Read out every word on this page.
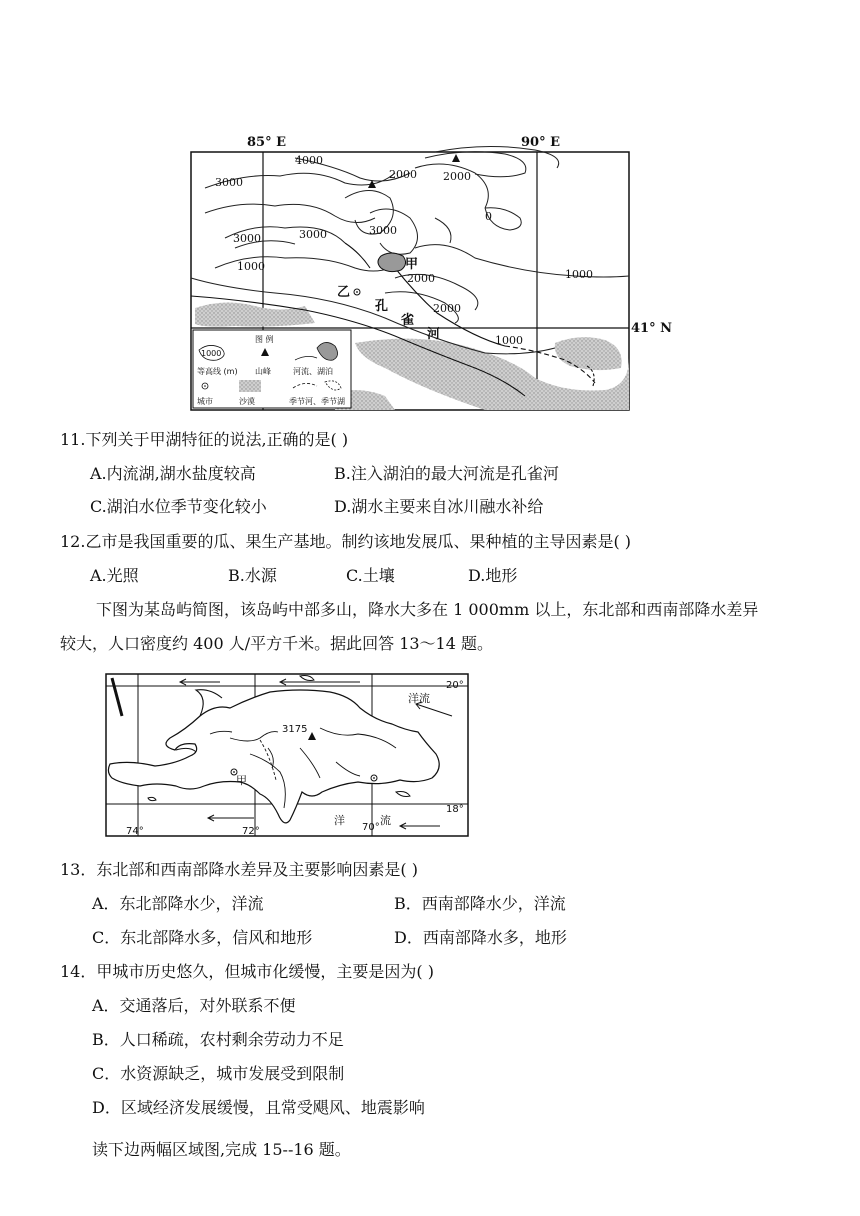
85° E	90° E
41° N
4000
2000 2000
3000
3000	3000	3000
1000
0
1000
2000
2000
1000
甲
乙
孔
雀
河
图 例
1000
等高线 (m) 山峰	河流、湖泊
城市	沙漠	季节河、季节湖
11.下列关于甲湖特征的说法,正确的是( )
A.内流湖,湖水盐度较高	B.注入湖泊的最大河流是孔雀河
C.湖泊水位季节变化较小	D.湖水主要来自冰川融水补给
12.乙市是我国重要的瓜、果生产基地。制约该地发展瓜、果种植的主导因素是( )
A.光照	B.水源	C.土壤	D.地形
下图为某岛屿简图，该岛屿中部多山，降水大多在 1 000mm 以上，东北部和西南部降水差异
较大，人口密度约 400 人/平方千米。据此回答 13～14 题。
20°
18°
74°	72°	70°
3175
洋流
洋	流
甲
13．东北部和西南部降水差异及主要影响因素是( )
A．东北部降水少，洋流	B．西南部降水少，洋流
C．东北部降水多，信风和地形	D．西南部降水多，地形
14．甲城市历史悠久，但城市化缓慢，主要是因为( )
A．交通落后，对外联系不便
B．人口稀疏，农村剩余劳动力不足
C．水资源缺乏，城市发展受到限制
D．区域经济发展缓慢，且常受飓风、地震影响
读下边两幅区域图,完成 15--16 题。
